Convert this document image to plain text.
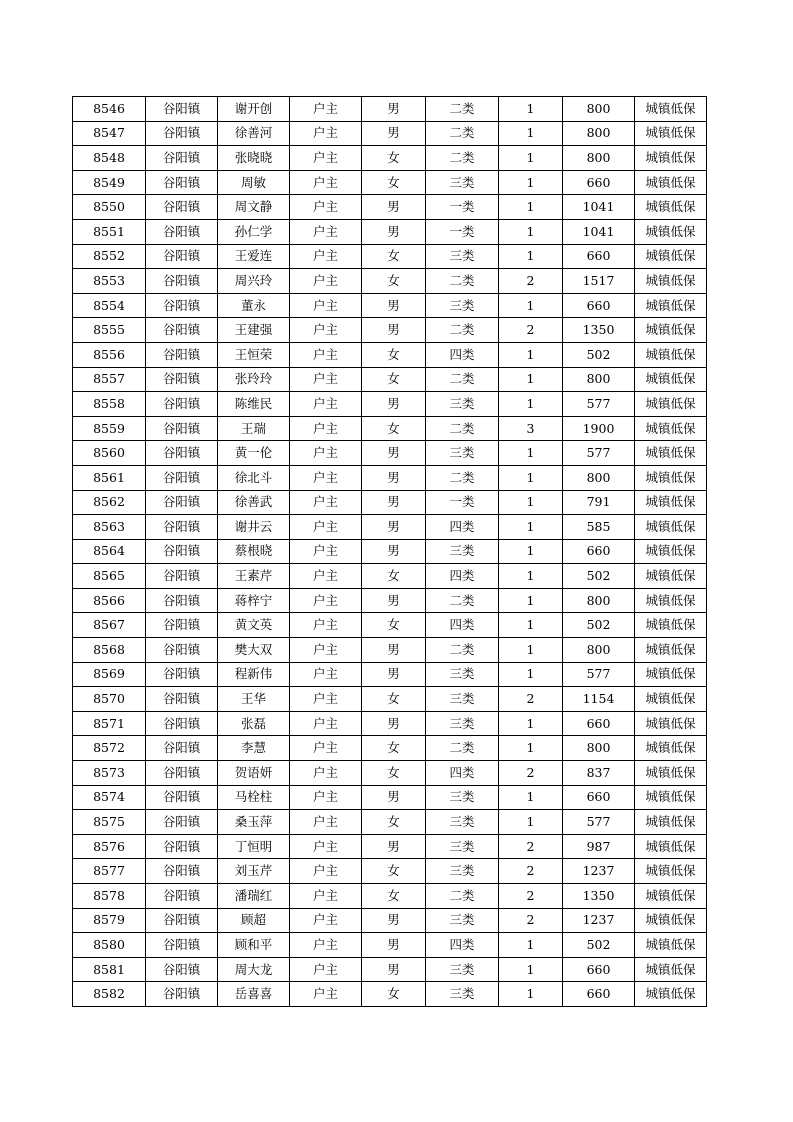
8546	谷阳镇	谢开创	户主	男	二类	1	800	城镇低保
8547	谷阳镇	徐善河	户主	男	二类	1	800	城镇低保
8548	谷阳镇	张晓晓	户主	女	二类	1	800	城镇低保
8549	谷阳镇	周敏	户主	女	三类	1	660	城镇低保
8550	谷阳镇	周文静	户主	男	一类	1	1041	城镇低保
8551	谷阳镇	孙仁学	户主	男	一类	1	1041	城镇低保
8552	谷阳镇	王爱连	户主	女	三类	1	660	城镇低保
8553	谷阳镇	周兴玲	户主	女	二类	2	1517	城镇低保
8554	谷阳镇	董永	户主	男	三类	1	660	城镇低保
8555	谷阳镇	王建强	户主	男	二类	2	1350	城镇低保
8556	谷阳镇	王恒荣	户主	女	四类	1	502	城镇低保
8557	谷阳镇	张玲玲	户主	女	二类	1	800	城镇低保
8558	谷阳镇	陈维民	户主	男	三类	1	577	城镇低保
8559	谷阳镇	王瑞	户主	女	二类	3	1900	城镇低保
8560	谷阳镇	黄一伦	户主	男	三类	1	577	城镇低保
8561	谷阳镇	徐北斗	户主	男	二类	1	800	城镇低保
8562	谷阳镇	徐善武	户主	男	一类	1	791	城镇低保
8563	谷阳镇	谢井云	户主	男	四类	1	585	城镇低保
8564	谷阳镇	蔡根晓	户主	男	三类	1	660	城镇低保
8565	谷阳镇	王素芹	户主	女	四类	1	502	城镇低保
8566	谷阳镇	蒋梓宁	户主	男	二类	1	800	城镇低保
8567	谷阳镇	黄文英	户主	女	四类	1	502	城镇低保
8568	谷阳镇	樊大双	户主	男	二类	1	800	城镇低保
8569	谷阳镇	程新伟	户主	男	三类	1	577	城镇低保
8570	谷阳镇	王华	户主	女	三类	2	1154	城镇低保
8571	谷阳镇	张磊	户主	男	三类	1	660	城镇低保
8572	谷阳镇	李慧	户主	女	二类	1	800	城镇低保
8573	谷阳镇	贺语妍	户主	女	四类	2	837	城镇低保
8574	谷阳镇	马栓柱	户主	男	三类	1	660	城镇低保
8575	谷阳镇	桑玉萍	户主	女	三类	1	577	城镇低保
8576	谷阳镇	丁恒明	户主	男	三类	2	987	城镇低保
8577	谷阳镇	刘玉芹	户主	女	三类	2	1237	城镇低保
8578	谷阳镇	潘瑞红	户主	女	二类	2	1350	城镇低保
8579	谷阳镇	顾超	户主	男	三类	2	1237	城镇低保
8580	谷阳镇	顾和平	户主	男	四类	1	502	城镇低保
8581	谷阳镇	周大龙	户主	男	三类	1	660	城镇低保
8582	谷阳镇	岳喜喜	户主	女	三类	1	660	城镇低保
